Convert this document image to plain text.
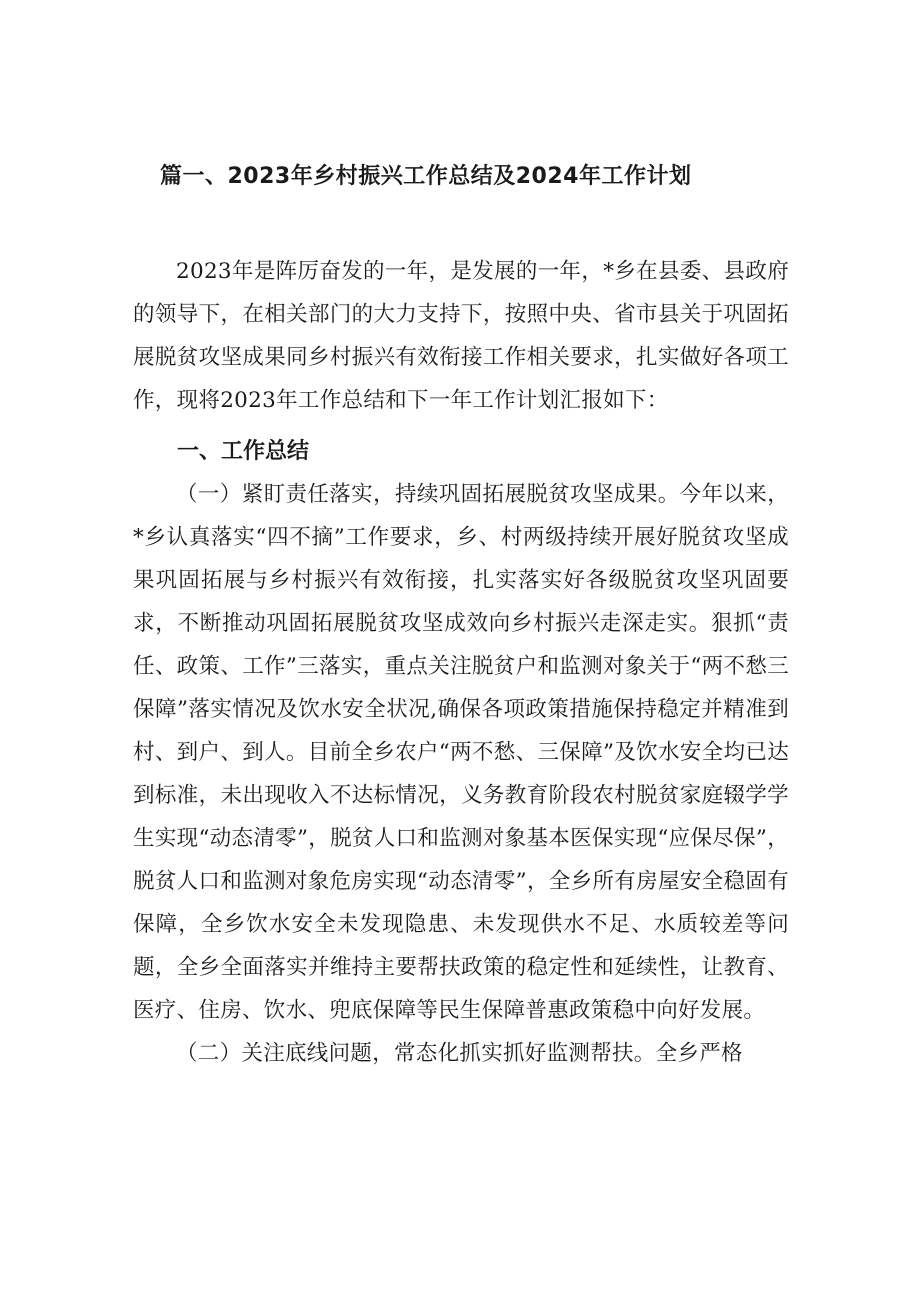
篇一、2023年乡村振兴工作总结及2024年工作计划

2023年是阵厉奋发的一年，是发展的一年，*乡在县委、县政府的领导下，在相关部门的大力支持下，按照中央、省市县关于巩固拓展脱贫攻坚成果同乡村振兴有效衔接工作相关要求，扎实做好各项工作，现将2023年工作总结和下一年工作计划汇报如下：

一、工作总结

（一）紧盯责任落实，持续巩固拓展脱贫攻坚成果。今年以来，*乡认真落实“四不摘”工作要求，乡、村两级持续开展好脱贫攻坚成果巩固拓展与乡村振兴有效衔接，扎实落实好各级脱贫攻坚巩固要求，不断推动巩固拓展脱贫攻坚成效向乡村振兴走深走实。狠抓“责任、政策、工作”三落实，重点关注脱贫户和监测对象关于“两不愁三保障”落实情况及饮水安全状况,确保各项政策措施保持稳定并精准到村、到户、到人。目前全乡农户“两不愁、三保障”及饮水安全均已达到标准，未出现收入不达标情况，义务教育阶段农村脱贫家庭辍学学生实现“动态清零”，脱贫人口和监测对象基本医保实现“应保尽保”，脱贫人口和监测对象危房实现“动态清零”，全乡所有房屋安全稳固有保障，全乡饮水安全未发现隐患、未发现供水不足、水质较差等问题，全乡全面落实并维持主要帮扶政策的稳定性和延续性，让教育、医疗、住房、饮水、兜底保障等民生保障普惠政策稳中向好发展。

（二）关注底线问题，常态化抓实抓好监测帮扶。全乡严格
